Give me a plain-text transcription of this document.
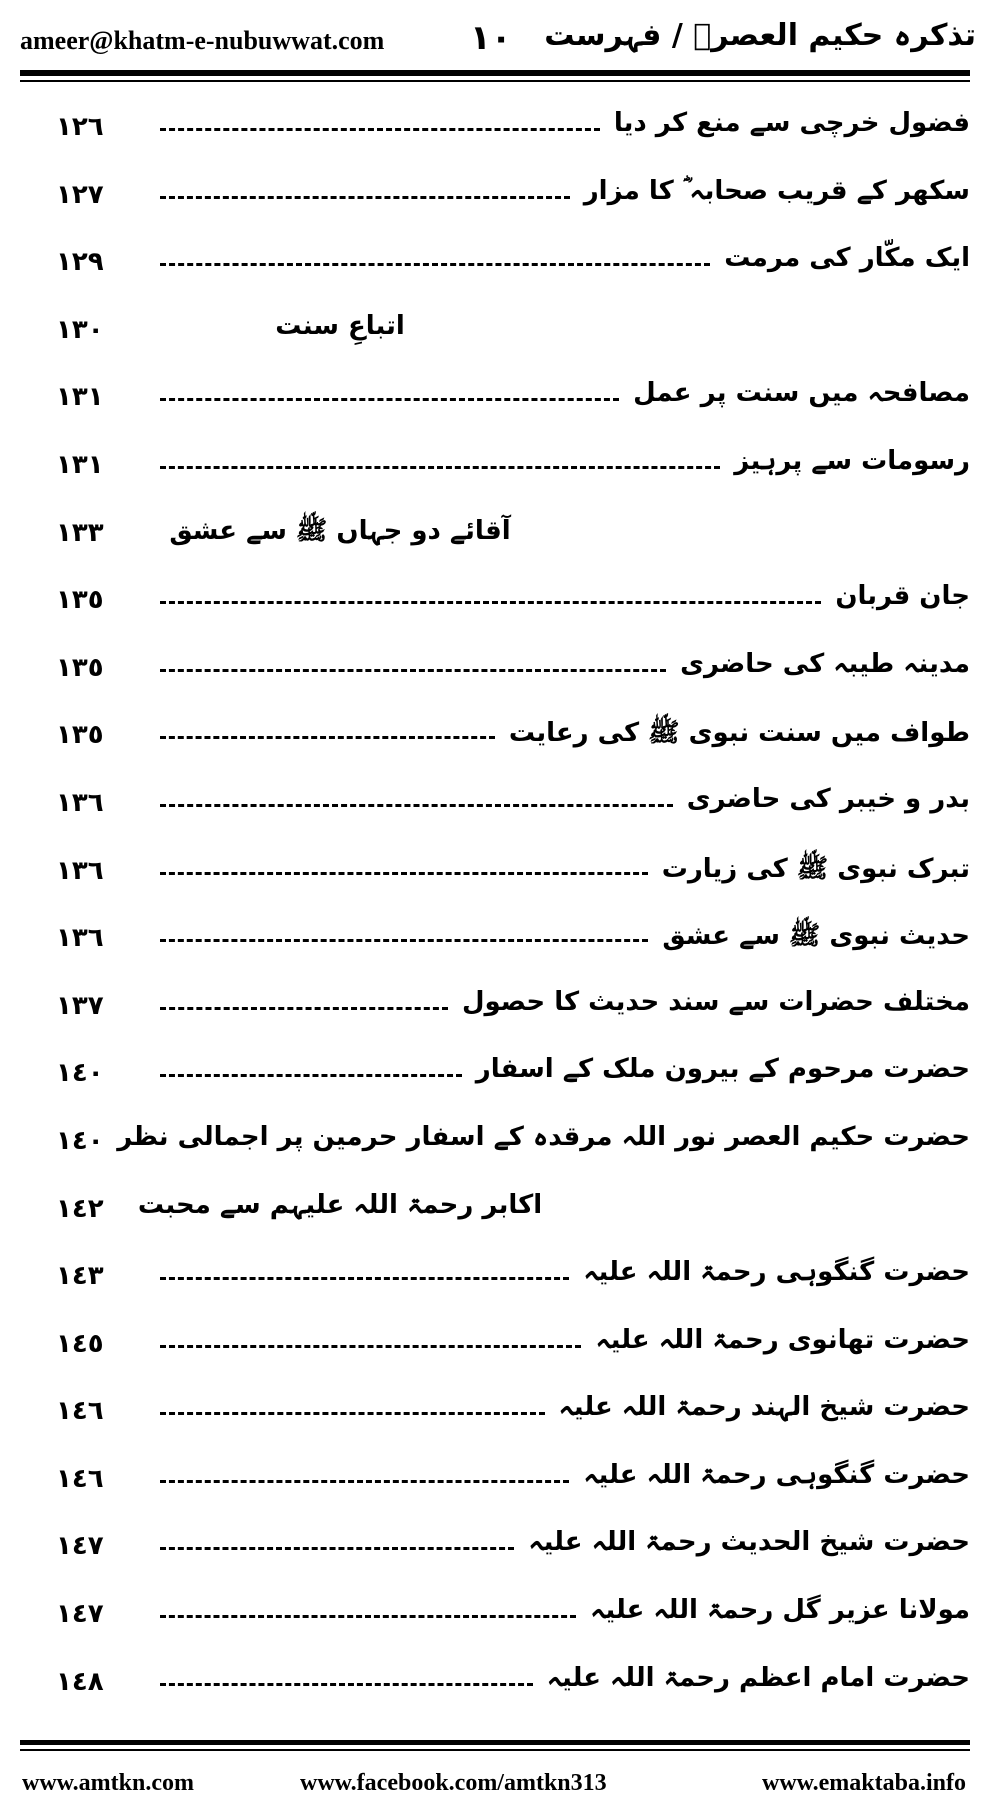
ameer@khatm-e-nubuwwat.com	١٠ تذکرہ حکیم العصرؒ / فہرست
١٢٦	فضول خرچی سے منع کر دیا
١٢٧	سکھر کے قریب صحابہ ؓ کا مزار
١٢٩	ایک مکّار کی مرمت
١٣٠	اتباعِ سنت
١٣١	مصافحہ میں سنت پر عمل
١٣١	رسومات سے پرہیز
١٣٣	آقائے دو جہاں ﷺ سے عشق
١٣٥	جان قربان
١٣٥	مدینہ طیبہ کی حاضری
١٣٥	طواف میں سنت نبوی ﷺ کی رعایت
١٣٦	بدر و خیبر کی حاضری
١٣٦	تبرک نبوی ﷺ کی زیارت
١٣٦	حدیث نبوی ﷺ سے عشق
١٣٧	مختلف حضرات سے سند حدیث کا حصول
١٤٠	حضرت مرحوم کے بیرون ملک کے اسفار
١٤٠ حضرت حکیم العصر نور اللہ مرقدہ کے اسفار حرمین پر اجمالی نظر
١٤٢	اکابر رحمۃ اللہ علیہم سے محبت
١٤٣	حضرت گنگوہی رحمۃ اللہ علیہ
١٤٥	حضرت تھانوی رحمۃ اللہ علیہ
١٤٦	حضرت شیخ الہند رحمۃ اللہ علیہ
١٤٦	حضرت گنگوہی رحمۃ اللہ علیہ
١٤٧	حضرت شیخ الحدیث رحمۃ اللہ علیہ
١٤٧	مولانا عزیر گل رحمۃ اللہ علیہ
١٤٨	حضرت امام اعظم رحمۃ اللہ علیہ
www.amtkn.com	www.facebook.com/amtkn313	www.emaktaba.info
